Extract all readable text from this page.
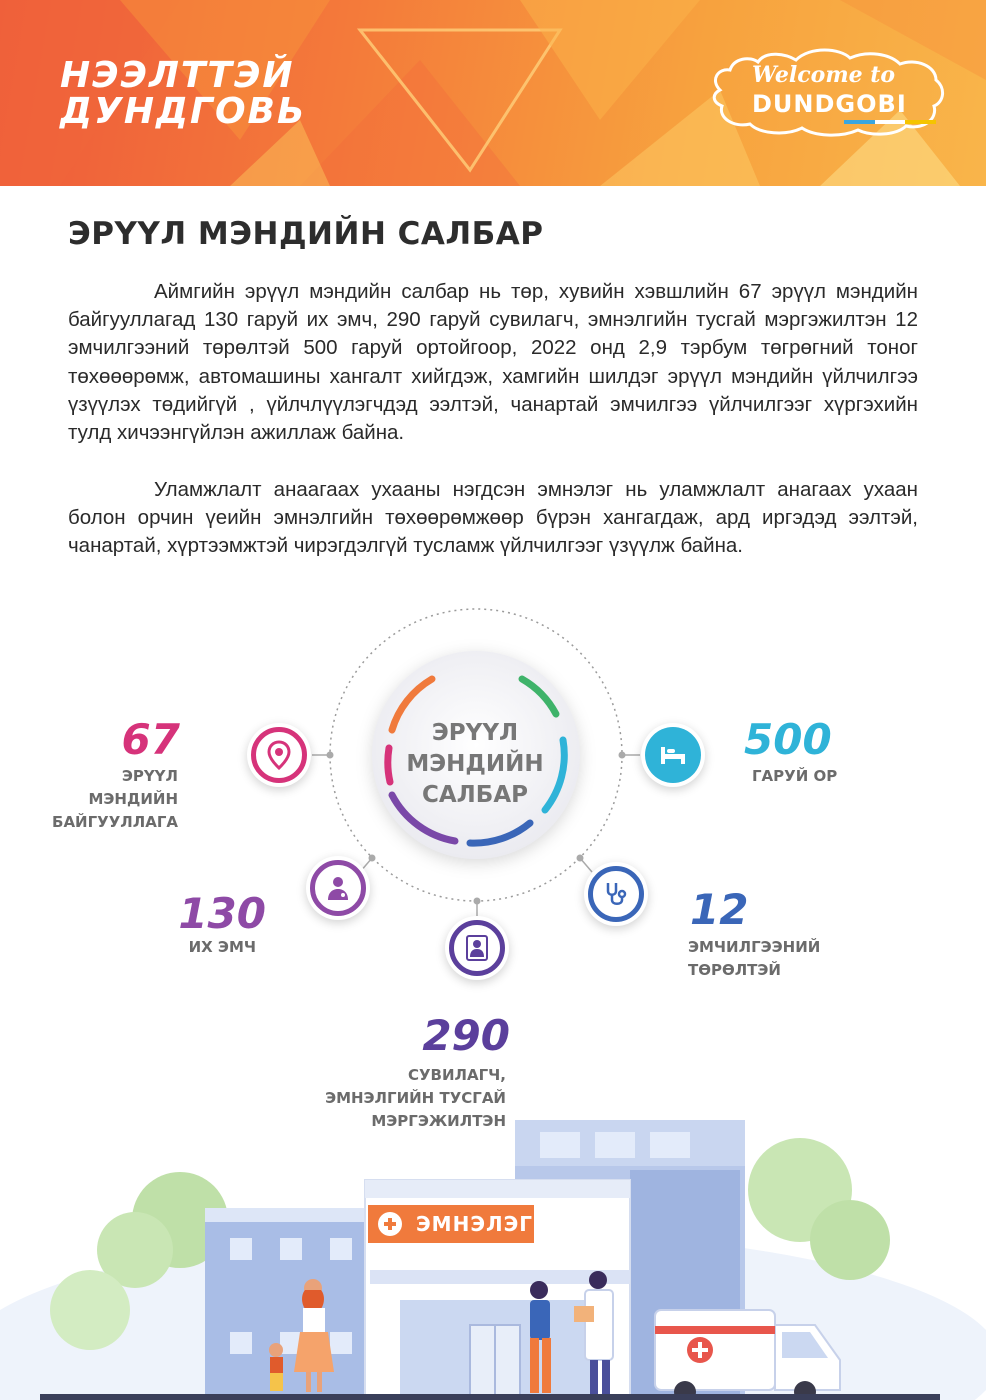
НЭЭЛТТЭЙ
ДУНДГОВЬ
Welcome to
DUNDGOBI
ЭРҮҮЛ МЭНДИЙН САЛБАР

Аймгийн эрүүл мэндийн салбар нь төр, хувийн хэвшлийн 67 эрүүл мэндийн байгууллагад 130 гаруй их эмч, 290 гаруй сувилагч, эмнэлгийн тусгай мэргэжилтэн 12 эмчилгээний төрөлтэй 500 гаруй ортойгоор, 2022 онд 2,9 тэрбум төгрөгний тоног төхөөөрөмж, автомашины хангалт хийгдэж, хамгийн шилдэг эрүүл мэндийн үйлчилгээ үзүүлэх төдийгүй , үйлчлүүлэгчдэд ээлтэй, чанартай эмчилгээ үйлчилгээг хүргэхийн тулд хичээнгүйлэн ажиллаж байна.

Уламжлалт анаагаах ухааны нэгдсэн эмнэлэг нь уламжлалт анагаах ухаан болон орчин үеийн эмнэлгийн төхөөрөмжөөр бүрэн хангагдаж, ард иргэдэд ээлтэй, чанартай, хүртээмжтэй чирэгдэлгүй тусламж үйлчилгээг үзүүлж байна.

ЭРҮҮЛ
МЭНДИЙН
САЛБАР
67
ЭРҮҮЛ
МЭНДИЙН
БАЙГУУЛЛАГА
500
ГАРУЙ ОР
130
ИХ ЭМЧ
12
ЭМЧИЛГЭЭНИЙ
ТӨРӨЛТЭЙ
290
СУВИЛАГЧ,
ЭМНЭЛГИЙН ТУСГАЙ
МЭРГЭЖИЛТЭН
ЭМНЭЛЭГ
